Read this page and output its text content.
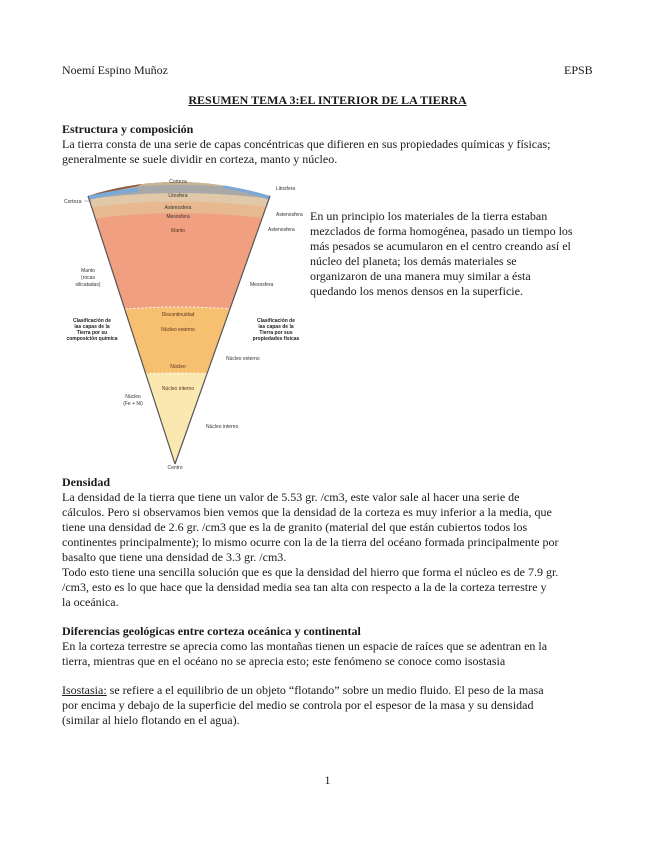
Noemí Espino Muñoz	EPSB
RESUMEN TEMA 3:EL INTERIOR DE LA TIERRA
Estructura y composición

La tierra consta de una serie de capas concéntricas que difieren en sus propiedades químicas y físicas;

generalmente se suele dividir en corteza, manto y núcleo.

Corteza
Litosfera
Astenosfera
Mesosfera
Manto
Discontinuidad
Núcleo externo
Núcleo
Núcleo interno
Corteza
Manto
(rocas
silicatadas)
Clasificación de
las capas de la
Tierra por su
composición química
Núcleo
(Fe + Ni)
Litosfera
Astenosfera
Astenosfera
Mesosfera
Clasificación de
las capas de la
Tierra por sus
propiedades físicas
Núcleo externo
Núcleo interno
Centro

En un principio los materiales de la tierra estaban

mezclados de forma homogénea, pasado un tiempo los

más pesados se acumularon en el centro creando así el

núcleo del planeta; los demás materiales se

organizaron de una manera muy similar a ésta

quedando los menos densos en la superficie.

Densidad

La densidad de la tierra que tiene un valor de 5.53 gr. /cm3, este valor sale al hacer una serie de

cálculos. Pero si observamos bien vemos que la densidad de la corteza es muy inferior a la media, que

tiene una densidad de 2.6 gr. /cm3 que es la de granito (material del que están cubiertos todos los

continentes principalmente); lo mismo ocurre con la de la tierra del océano formada principalmente por

basalto que tiene una densidad de 3.3 gr. /cm3.

Todo esto tiene una sencilla solución que es que la densidad del hierro que forma el núcleo es de 7.9 gr.

/cm3, esto es lo que hace que la densidad media sea tan alta con respecto a la de la corteza terrestre y

la oceánica.

Diferencias geológicas entre corteza oceánica y continental

En la corteza terrestre se aprecia como las montañas tienen un espacie de raíces que se adentran en la

tierra, mientras que en el océano no se aprecia esto; este fenómeno se conoce como isostasia

Isostasia: se refiere a el equilibrio de un objeto “flotando” sobre un medio fluido. El peso de la masa

por encima y debajo de la superficie del medio se controla por el espesor de la masa y su densidad

(similar al hielo flotando en el agua).

1
